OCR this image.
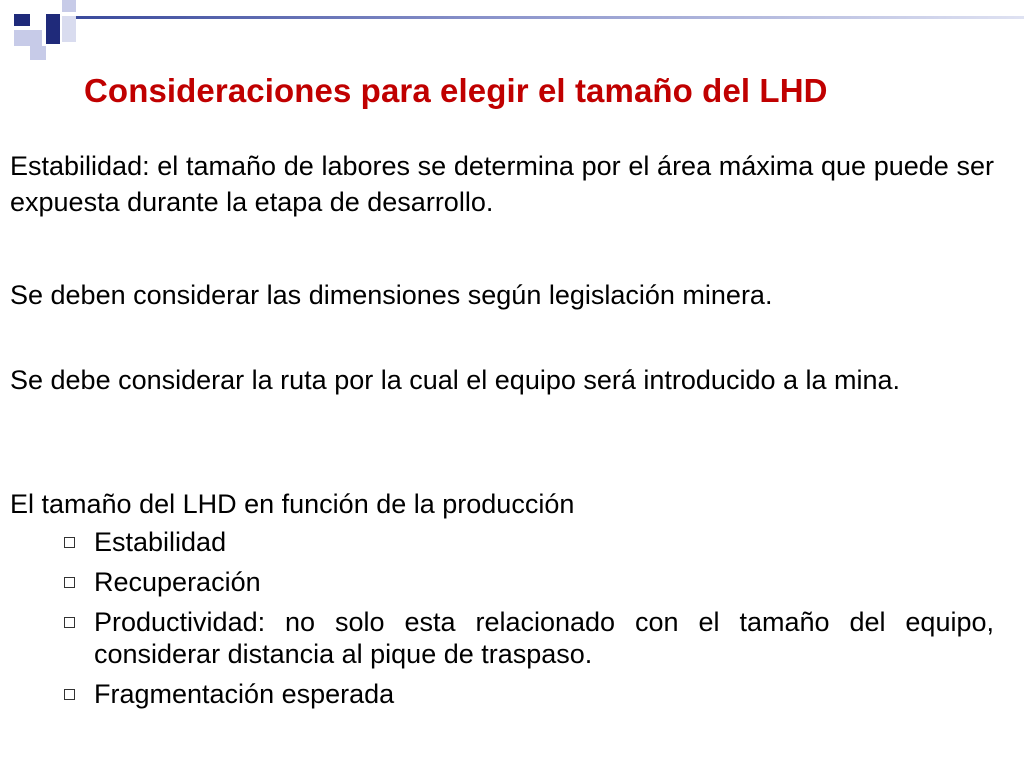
Consideraciones para elegir el tamaño del LHD

Estabilidad: el tamaño de labores se determina por el área máxima que puede ser expuesta durante la etapa de desarrollo.

Se deben considerar las dimensiones según legislación minera.

Se debe considerar la ruta por la cual el equipo será introducido a la mina.

El tamaño del LHD en función de la producción

Estabilidad
Recuperación
Productividad: no solo esta relacionado con el tamaño del equipo, considerar distancia al pique de traspaso.
Fragmentación esperada
